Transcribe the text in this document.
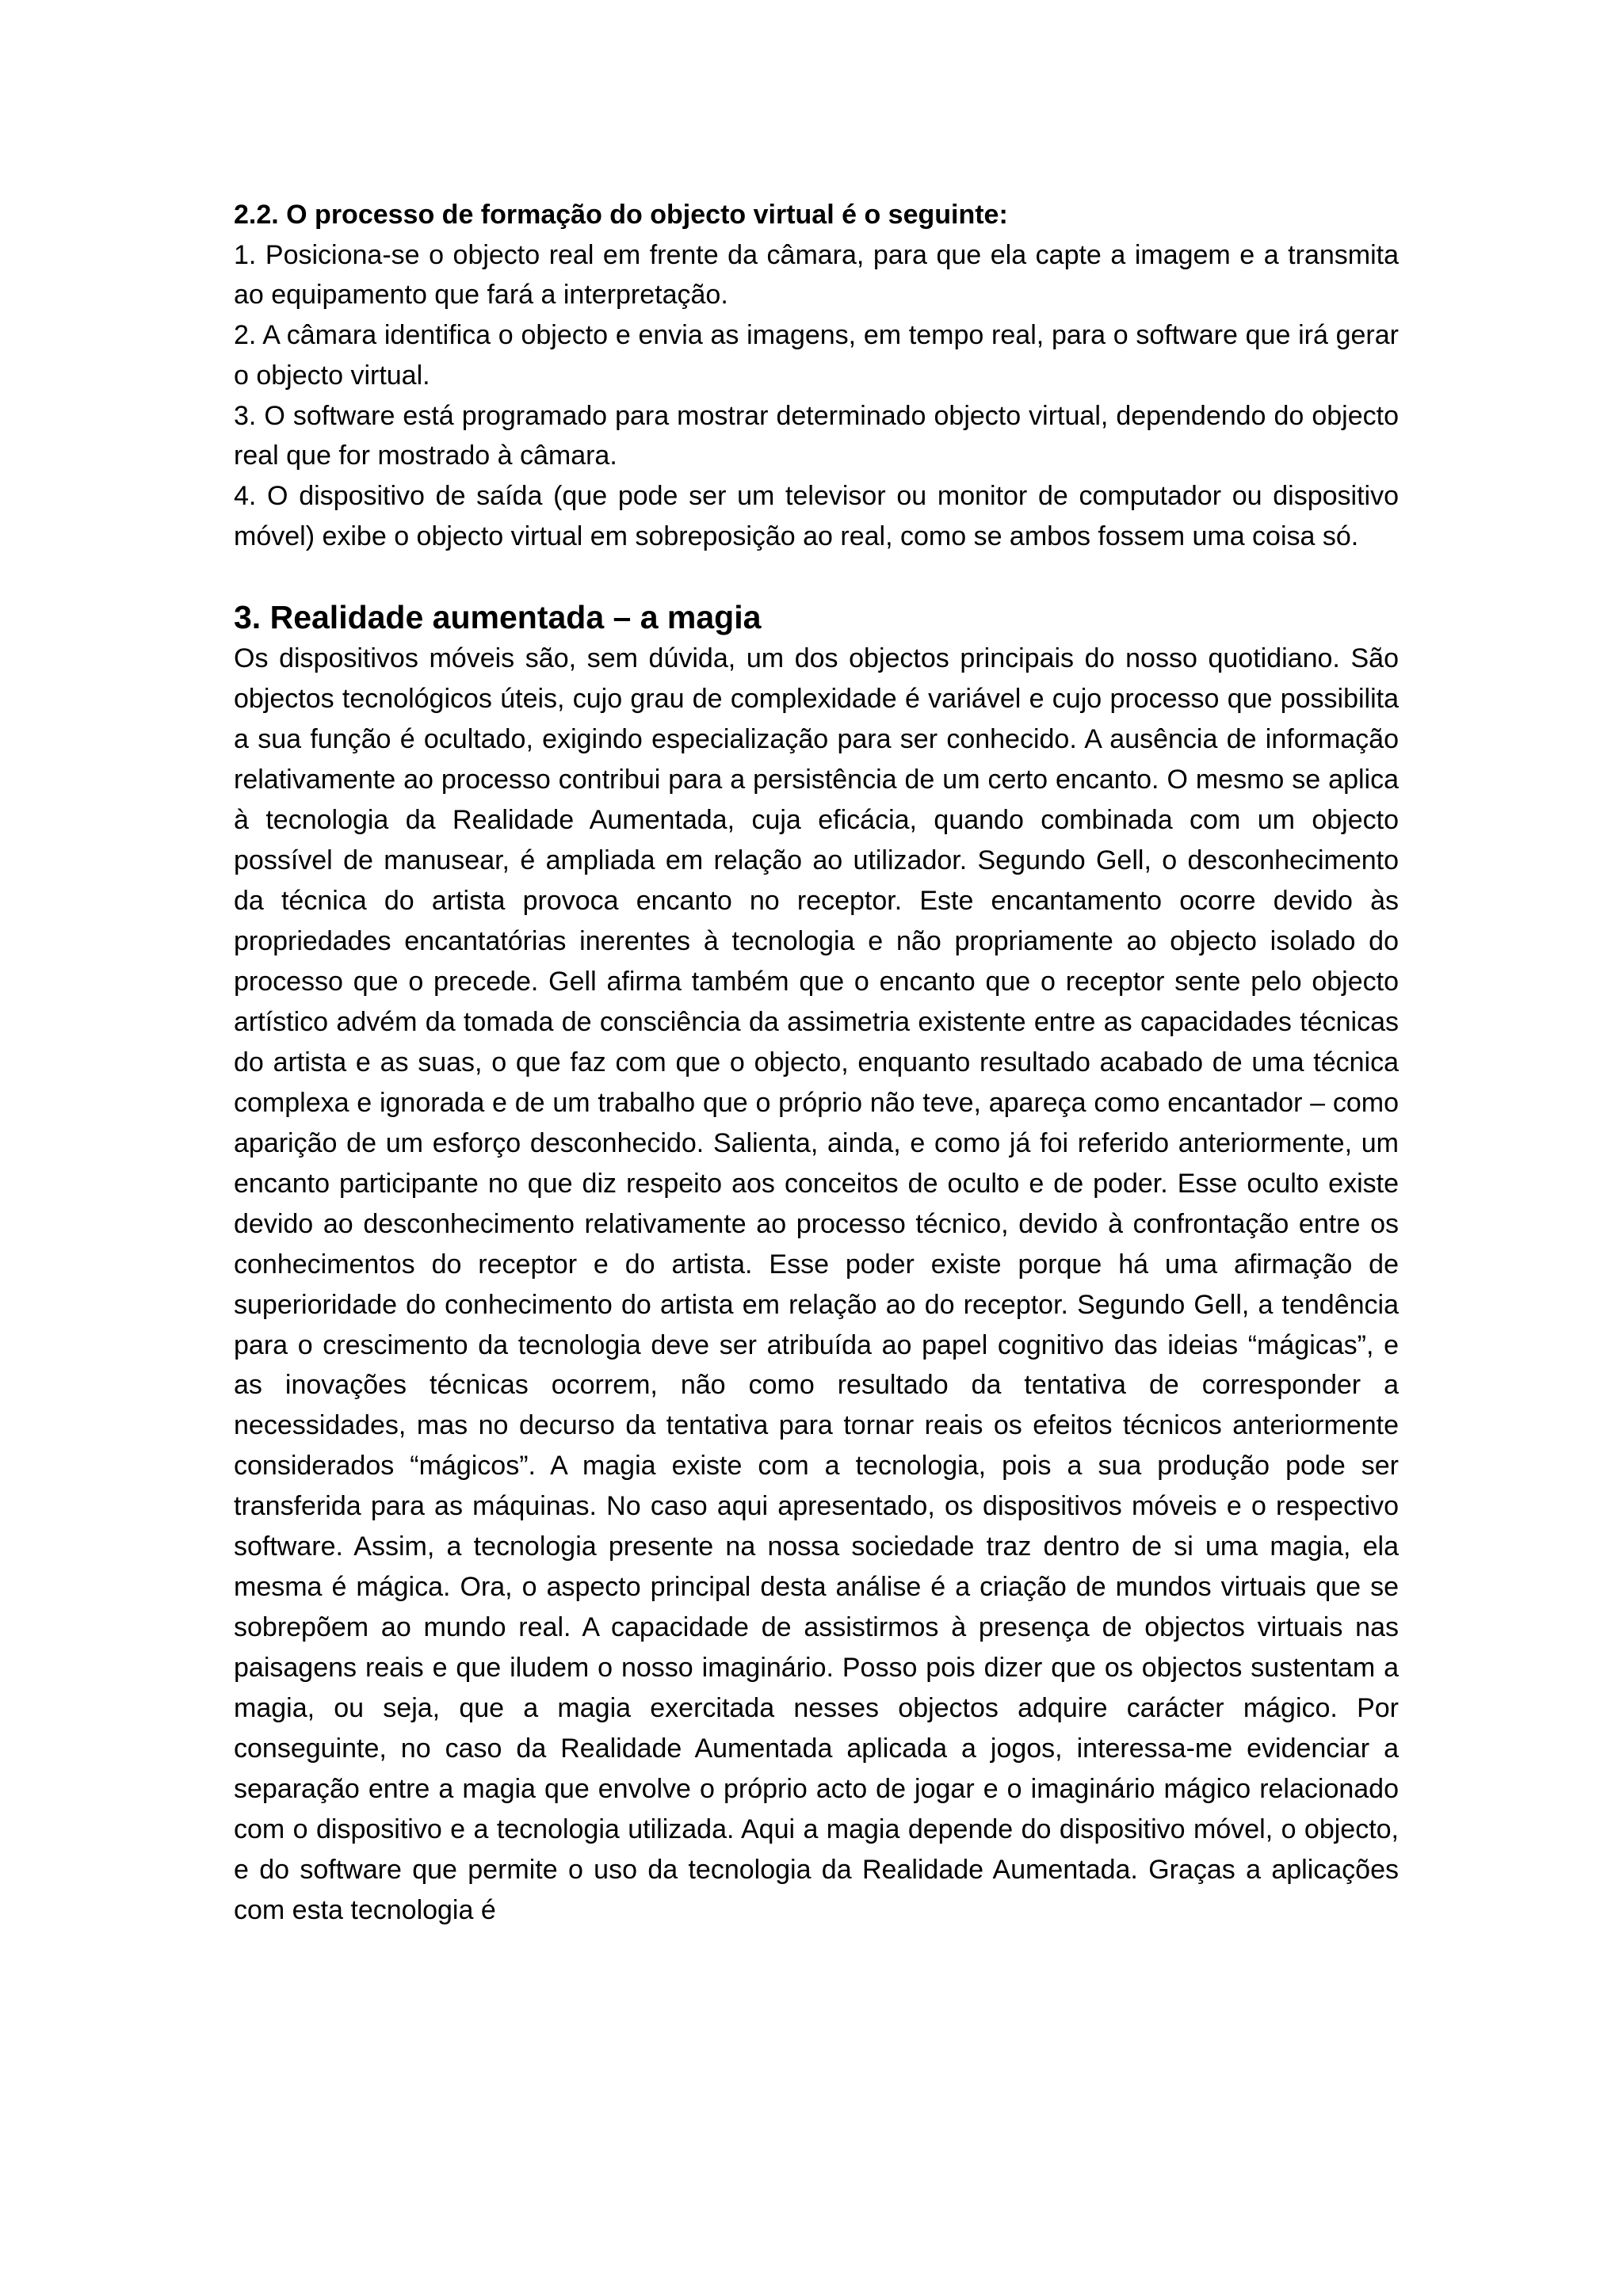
2.2. O processo de formação do objecto virtual é o seguinte:

1. Posiciona-se o objecto real em frente da câmara, para que ela capte a imagem e a transmita ao equipamento que fará a interpretação.

2. A câmara identifica o objecto e envia as imagens, em tempo real, para o software que irá gerar o objecto virtual.

3. O software está programado para mostrar determinado objecto virtual, dependendo do objecto real que for mostrado à câmara.

4. O dispositivo de saída (que pode ser um televisor ou monitor de computador ou dispositivo móvel) exibe o objecto virtual em sobreposição ao real, como se ambos fossem uma coisa só.

3. Realidade aumentada – a magia

Os dispositivos móveis são, sem dúvida, um dos objectos principais do nosso quotidiano. São objectos tecnológicos úteis, cujo grau de complexidade é variável e cujo processo que possibilita a sua função é ocultado, exigindo especialização para ser conhecido. A ausência de informação relativamente ao processo contribui para a persistência de um certo encanto. O mesmo se aplica à tecnologia da Realidade Aumentada, cuja eficácia, quando combinada com um objecto possível de manusear, é ampliada em relação ao utilizador. Segundo Gell, o desconhecimento da técnica do artista provoca encanto no receptor. Este encantamento ocorre devido às propriedades encantatórias inerentes à tecnologia e não propriamente ao objecto isolado do processo que o precede. Gell afirma também que o encanto que o receptor sente pelo objecto artístico advém da tomada de consciência da assimetria existente entre as capacidades técnicas do artista e as suas, o que faz com que o objecto, enquanto resultado acabado de uma técnica complexa e ignorada e de um trabalho que o próprio não teve, apareça como encantador – como aparição de um esforço desconhecido. Salienta, ainda, e como já foi referido anteriormente, um encanto participante no que diz respeito aos conceitos de oculto e de poder. Esse oculto existe devido ao desconhecimento relativamente ao processo técnico, devido à confrontação entre os conhecimentos do receptor e do artista. Esse poder existe porque há uma afirmação de superioridade do conhecimento do artista em relação ao do receptor. Segundo Gell, a tendência para o crescimento da tecnologia deve ser atribuída ao papel cognitivo das ideias “mágicas”, e as inovações técnicas ocorrem, não como resultado da tentativa de corresponder a necessidades, mas no decurso da tentativa para tornar reais os efeitos técnicos anteriormente considerados “mágicos”. A magia existe com a tecnologia, pois a sua produção pode ser transferida para as máquinas. No caso aqui apresentado, os dispositivos móveis e o respectivo software. Assim, a tecnologia presente na nossa sociedade traz dentro de si uma magia, ela mesma é mágica. Ora, o aspecto principal desta análise é a criação de mundos virtuais que se sobrepõem ao mundo real. A capacidade de assistirmos à presença de objectos virtuais nas paisagens reais e que iludem o nosso imaginário. Posso pois dizer que os objectos sustentam a magia, ou seja, que a magia exercitada nesses objectos adquire carácter mágico. Por conseguinte, no caso da Realidade Aumentada aplicada a jogos, interessa-me evidenciar a separação entre a magia que envolve o próprio acto de jogar e o imaginário mágico relacionado com o dispositivo e a tecnologia utilizada. Aqui a magia depende do dispositivo móvel, o objecto, e do software que permite o uso da tecnologia da Realidade Aumentada. Graças a aplicações com esta tecnologia é
